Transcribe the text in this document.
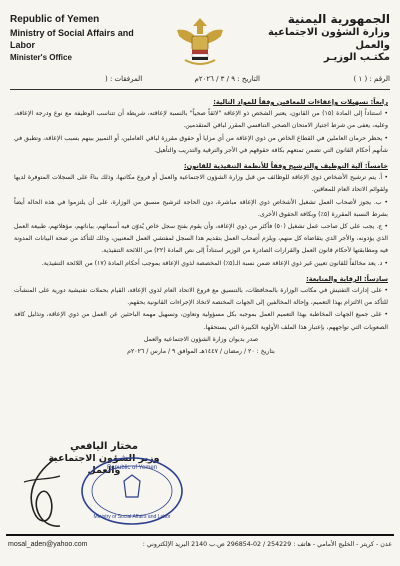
الجمهورية اليمنية
وزارة الشؤون الاجتماعية والعمل
مكتـب الوزيـر
Republic of Yemen
Ministry of Social Affairs and Labor
Minister's Office
الرقم : ( ١ )
التاريخ : ٩ / ٣ / ٢٠٢٦م
المرفقات : (

رابعاً: تسهيلات وإعفاءات للمعاقين وفقاً للمواد التالية:

• استناداً إلى المادة (١٥) من القانون، يعتبر الشخص ذو الإعاقة "لائقاً صحياً" بالنسبة لإعاقته، شريطة أن تتناسب الوظيفة مع نوع ودرجة الإعاقة، وعليه، يعفى من شرط اجتياز الامتحان الصحي التنافسي المقرر لباقي المتقدمين.

• يحظر حرمان العاملين في القطاع الخاص من ذوي الإعاقة من أي مزايا أو حقوق مقررة لباقي العاملين، أو التمييز بينهم بسبب الإعاقة، وتطبق في شأنهم أحكام القانون التي تضمن تمتعهم بكافة حقوقهم في الأجر والترقية والتدريب والتأهيل.

خامساً: آلية التوظيف والترشيح وفقاً للأنظمة التنفيذية للقانون:

• أ. يتم ترشيح الأشخاص ذوي الإعاقة للوظائف من قبل وزارة الشؤون الاجتماعية والعمل أو فروع مكاتبها، وذلك بناءً على السجلات المتوفرة لديها ولقوائم الاتحاد العام للمعاقين.

• ب. يجوز لأصحاب العمل تشغيل الأشخاص ذوي الإعاقة مباشرة، دون الحاجة لترشيح مسبق من الوزارة، على أن يلتزموا في هذه الحالة أيضاً بشرط النسبة المقررة (٥٪) وبكافة الحقوق الأخرى.

• ج. يجب على كل صاحب عمل تشغيل (٥٠) فأكثر من ذوي الإعاقة، وأن يقوم بفتح سجل خاص يُدوّن فيه أسمائهم، بياناتهم، مؤهلاتهم، طبيعة العمل الذي يؤدونه، والأجر الذي يتقاضاه كل منهم، ويلزم أصحاب العمل بتقديم هذا السجل لمفتشي العمل المعنيين، وذلك للتأكد من صحة البيانات المدونة فيه ومطابقتها لأحكام قانون العمل والقرارات الصادرة من الوزير استناداً إلى نص المادة (٢٢) من اللائحة التنفيذية.

• د. يعد مخالفاً للقانون تعيين غير ذوي الإعاقة ضمن نسبة الـ(٥٪) المخصصة لذوي الإعاقة بموجب أحكام المادة (١٧) من اللائحة التنفيذية.

سادساً: الرقابة والمتابعة:

• على إدارات التفتيش في مكاتب الوزارة بالمحافظات، بالتنسيق مع فروع الاتحاد العام لذوي الإعاقة، القيام بحملات تفتيشية دورية على المنشآت للتأكد من الالتزام بهذا التعميم، وإحالة المخالفين إلى الجهات المختصة لاتخاذ الإجراءات القانونية بحقهم.

• على جميع الجهات المخاطبة بهذا التعميم العمل بموجبه بكل مسؤولية وتعاون، وتسهيل مهمة الباحثين عن العمل من ذوي الإعاقة، وتذليل كافة الصعوبات التي تواجههم، بإعتبار هذا الملف الأولوية الكبيرة التي يستحقها.

صدر بديوان وزارة الشؤون الاجتماعية والعمل

بتاريخ : ٢٠ / رمضان / ١٤٤٧هـ الموافق ٩ / مارس / ٢٠٢٦م

مختار اليافعي
وزير الشؤون الاجتماعية والعمل
Republic of Yemen
Ministry of Social Affairs and Labor
mosal_aden@yahoo.com	عدن - كريتر - الخليج الأمامي - هاتف : 254229 / 02-296854 ص.ب 2140 البريد الإلكتروني :
